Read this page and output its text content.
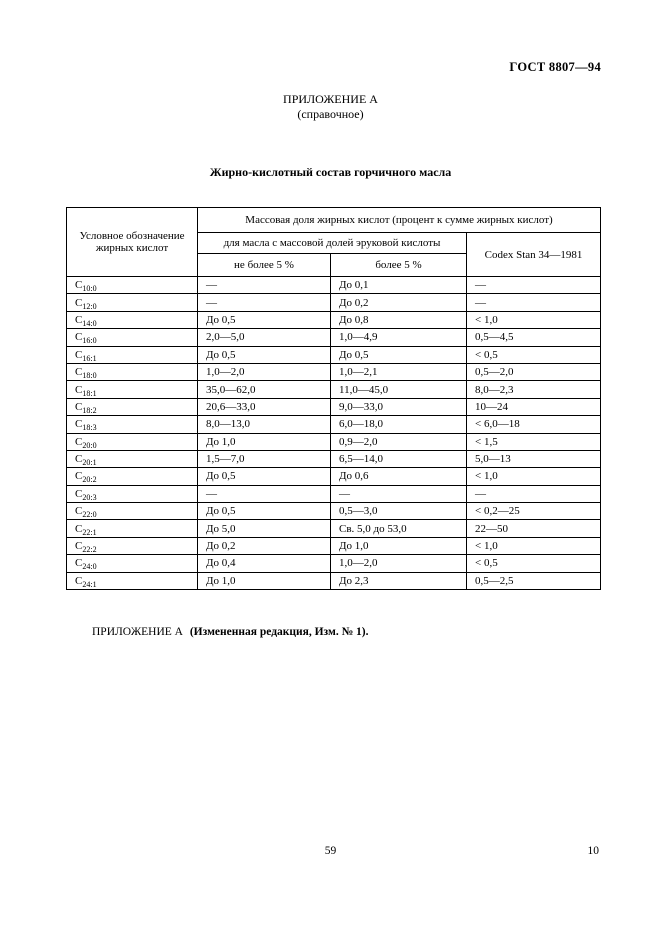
ГОСТ 8807—94
ПРИЛОЖЕНИЕ А
(справочное)
Жирно-кислотный состав горчичного масла
Условное обозначение жирных кислот	Массовая доля жирных кислот (процент к сумме жирных кислот)		
	для масла с массовой долей эруковой кислоты		Codex Stan 34—1981
	не более 5 %	более 5 %	
$С_{10:0}$	—	До 0,1	—
$С_{12:0}$	—	До 0,2	—
$С_{14:0}$	До 0,5	До 0,8	< 1,0
$С_{16:0}$	2,0—5,0	1,0—4,9	0,5—4,5
$С_{16:1}$	До 0,5	До 0,5	< 0,5
$С_{18:0}$	1,0—2,0	1,0—2,1	0,5—2,0
$С_{18:1}$	35,0—62,0	11,0—45,0	8,0—2,3
$С_{18:2}$	20,6—33,0	9,0—33,0	10—24
$С_{18:3}$	8,0—13,0	6,0—18,0	< 6,0—18
$С_{20:0}$	До 1,0	0,9—2,0	< 1,5
$С_{20:1}$	1,5—7,0	6,5—14,0	5,0—13
$С_{20:2}$	До 0,5	До 0,6	< 1,0
$С_{20:3}$	—	—	—
$С_{22:0}$	До 0,5	0,5—3,0	< 0,2—25
$С_{22:1}$	До 5,0	Св. 5,0 до 53,0	22—50
$С_{22:2}$	До 0,2	До 1,0	< 1,0
$С_{24:0}$	До 0,4	1,0—2,0	< 0,5
$С_{24:1}$	До 1,0	До 2,3	0,5—2,5
ПРИЛОЖЕНИЕ А (Измененная редакция, Изм. № 1).
59	10
